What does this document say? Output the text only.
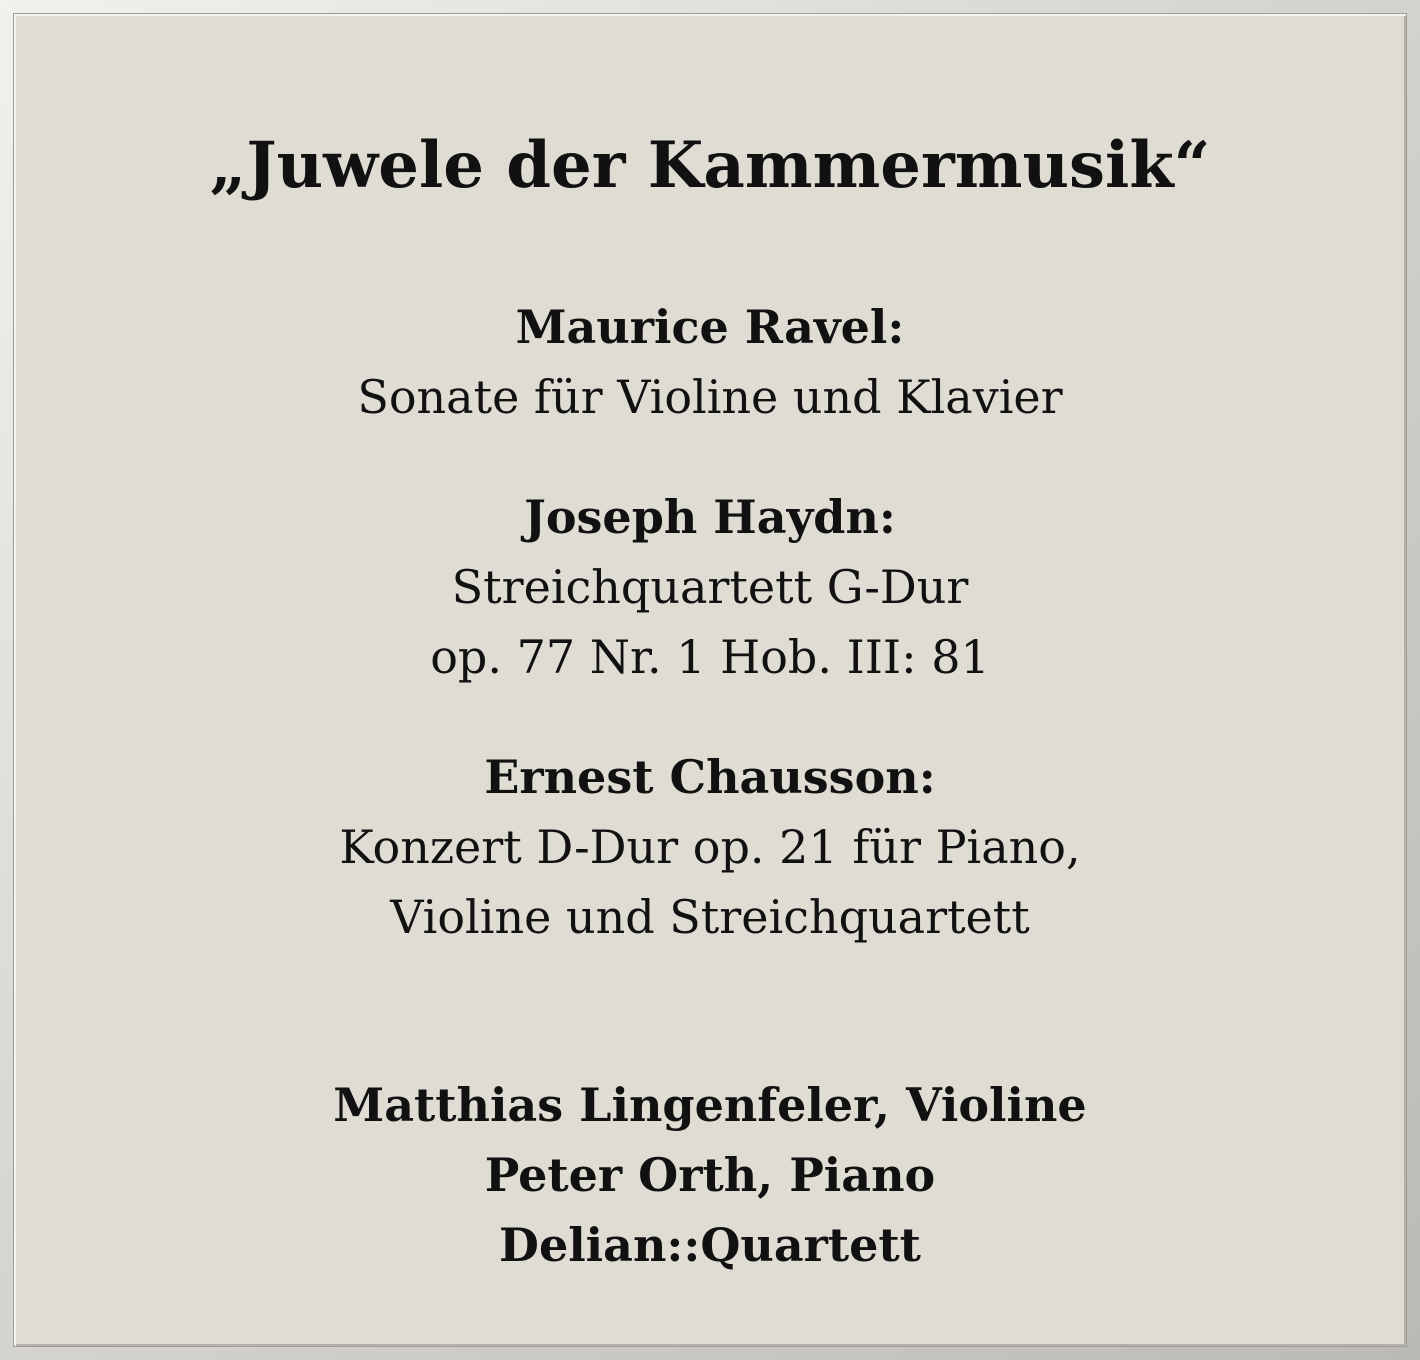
„Juwele der Kammermusik“
Maurice Ravel:
Sonate für Violine und Klavier
Joseph Haydn:
Streichquartett G-Dur
op. 77 Nr. 1 Hob. III: 81
Ernest Chausson:
Konzert D-Dur op. 21 für Piano,
Violine und Streichquartett
Matthias Lingenfeler, Violine
Peter Orth, Piano
Delian::Quartett
